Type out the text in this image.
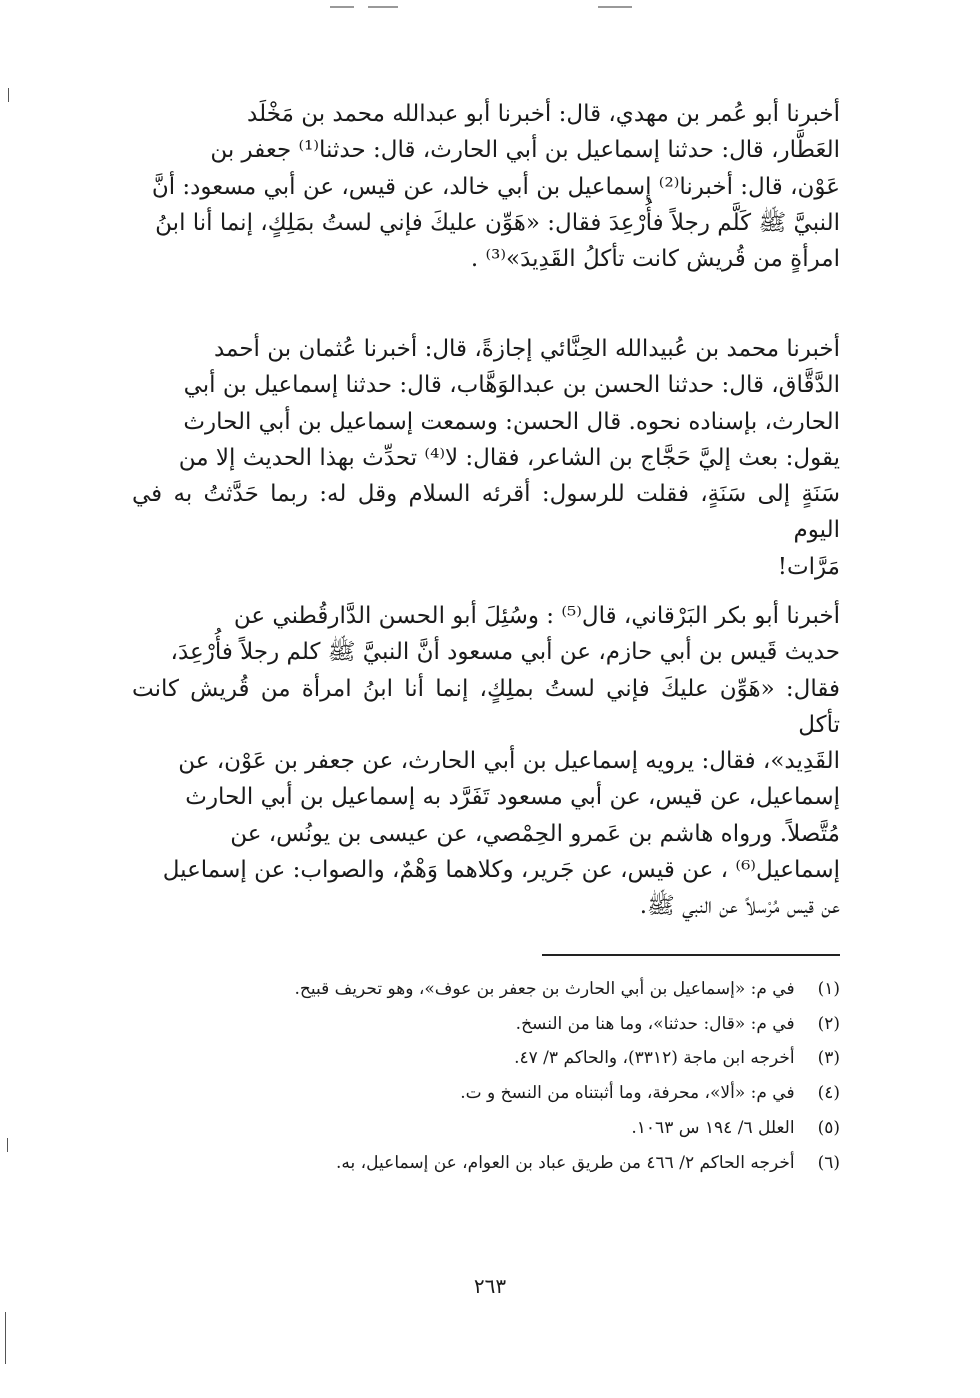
أخبرنا أبو عُمر بن مهدي، قال: أخبرنا أبو عبدالله محمد بن مَخْلَد

العَطَّار، قال: حدثنا إسماعيل بن أبي الحارث، قال: حدثنا⁽¹⁾ جعفر بن

عَوْن، قال: أخبرنا⁽²⁾ إسماعيل بن أبي خالد، عن قيس، عن أبي مسعود: أنَّ

النبيَّ ﷺ كَلَّم رجلاً فأُرْعِدَ فقال: «هَوِّن عليكَ فإني لستُ بمَلِكٍ، إنما أنا ابنُ

امرأةٍ من قُريش كانت تأكلُ القَدِيدَ»⁽³⁾ .

أخبرنا محمد بن عُبيدالله الحِنَّائي إجازةً، قال: أخبرنا عُثمان بن أحمد

الدَّقَّاق، قال: حدثنا الحسن بن عبدالوَهَّاب، قال: حدثنا إسماعيل بن أبي

الحارث، بإسناده نحوه. قال الحسن: وسمعت إسماعيل بن أبي الحارث

يقول: بعث إليَّ حَجَّاج بن الشاعر، فقال: لا⁽⁴⁾ تحدِّث بهذا الحديث إلا من

سَنَةٍ إلى سَنَةٍ، فقلت للرسول: أقرئه السلام وقل له: ربما حَدَّثتُ به في اليوم

مَرَّات!

أخبرنا أبو بكر البَرْقاني، قال⁽⁵⁾ : وسُئِلَ أبو الحسن الدَّارقُطني عن

حديث قَيس بن أبي حازم، عن أبي مسعود أنَّ النبيَّ ﷺ كلم رجلاً فأُرْعِدَ،

فقال: «هَوِّن عليكَ فإني لستُ بملِكٍ، إنما أنا ابنُ امرأة من قُريش كانت تأكل

القَدِيد»، فقال: يرويه إسماعيل بن أبي الحارث، عن جعفر بن عَوْن، عن

إسماعيل، عن قيس، عن أبي مسعود تَفَرَّد به إسماعيل بن أبي الحارث

مُتَّصلاً. ورواه هاشم بن عَمرو الحِمْصي، عن عيسى بن يونُس، عن

إسماعيل⁽⁶⁾ ، عن قيس، عن جَرير، وكلاهما وَهْمٌ، والصواب: عن إسماعيل

عن قيس مُرْسلاً عن النبي ﷺ.

(١) في م: «إسماعيل بن أبي الحارث بن جعفر بن عوف»، وهو تحريف قبيح.
(٢) في م: «قال: حدثنا»، وما هنا من النسخ.
(٣) أخرجه ابن ماجة (٣٣١٢)، والحاكم ٣/ ٤٧.
(٤) في م: «ألا»، محرفة، وما أثبتناه من النسخ و ت.
(٥) العلل ٦/ ١٩٤ س ١٠٦٣.
(٦) أخرجه الحاكم ٢/ ٤٦٦ من طريق عباد بن العوام، عن إسماعيل، به.
٢٦٣
